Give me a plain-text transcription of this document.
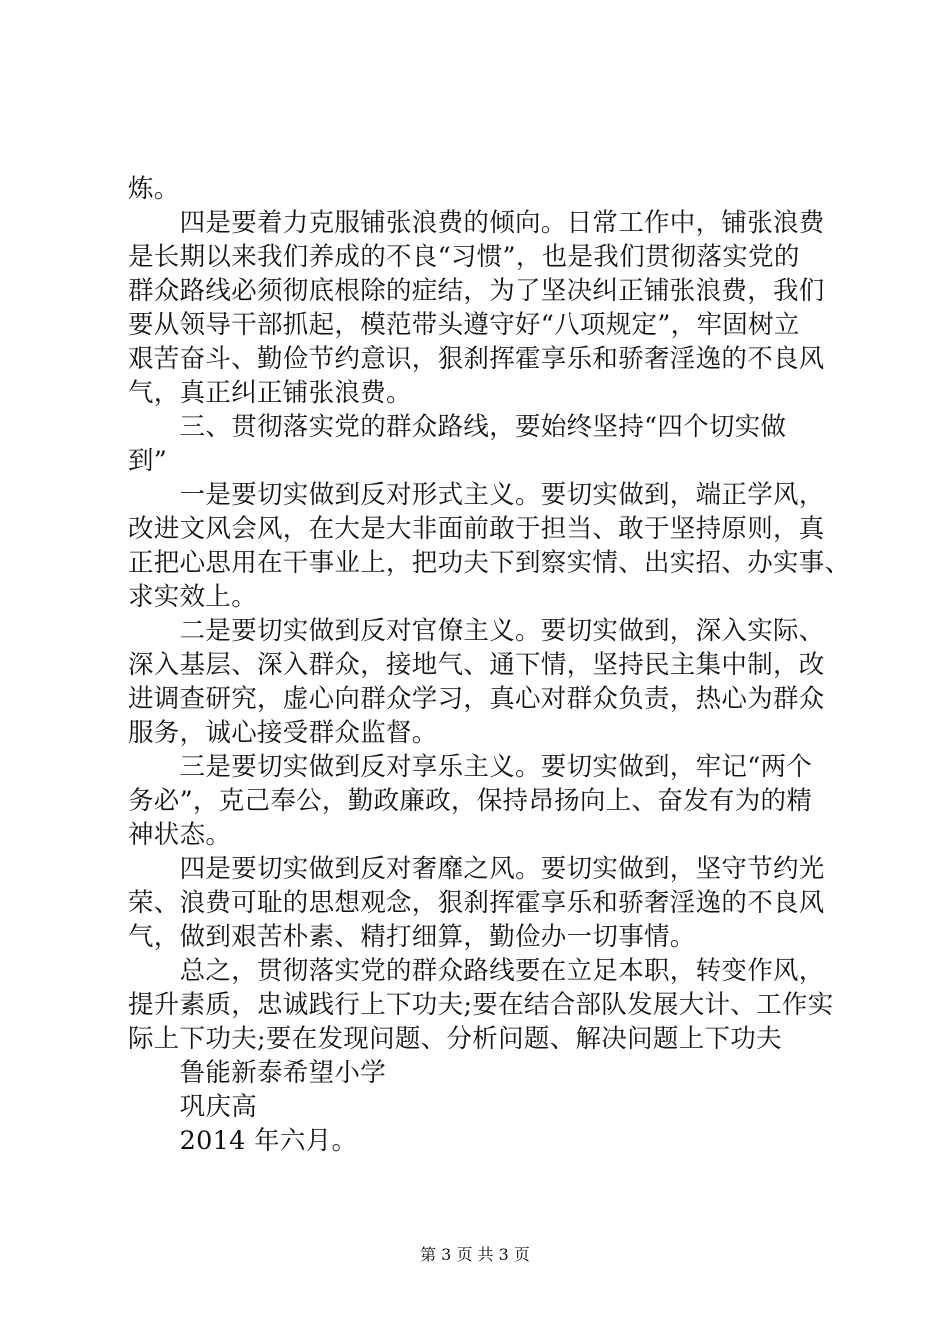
炼。
　　四是要着力克服铺张浪费的倾向。日常工作中，铺张浪费
是长期以来我们养成的不良“习惯”，也是我们贯彻落实党的
群众路线必须彻底根除的症结，为了坚决纠正铺张浪费，我们
要从领导干部抓起，模范带头遵守好“八项规定”，牢固树立
艰苦奋斗、勤俭节约意识，狠刹挥霍享乐和骄奢淫逸的不良风
气，真正纠正铺张浪费。
　　三、贯彻落实党的群众路线，要始终坚持“四个切实做
到”
　　一是要切实做到反对形式主义。要切实做到，端正学风，
改进文风会风，在大是大非面前敢于担当、敢于坚持原则，真
正把心思用在干事业上，把功夫下到察实情、出实招、办实事、
求实效上。
　　二是要切实做到反对官僚主义。要切实做到，深入实际、
深入基层、深入群众，接地气、通下情，坚持民主集中制，改
进调查研究，虚心向群众学习，真心对群众负责，热心为群众
服务，诚心接受群众监督。
　　三是要切实做到反对享乐主义。要切实做到，牢记“两个
务必”，克己奉公，勤政廉政，保持昂扬向上、奋发有为的精
神状态。
　　四是要切实做到反对奢靡之风。要切实做到，坚守节约光
荣、浪费可耻的思想观念，狠刹挥霍享乐和骄奢淫逸的不良风
气，做到艰苦朴素、精打细算，勤俭办一切事情。
　　总之，贯彻落实党的群众路线要在立足本职，转变作风，
提升素质，忠诚践行上下功夫;要在结合部队发展大计、工作实
际上下功夫;要在发现问题、分析问题、解决问题上下功夫
　　鲁能新泰希望小学
　　巩庆高
　　2014 年六月。
第 3 页 共 3 页
